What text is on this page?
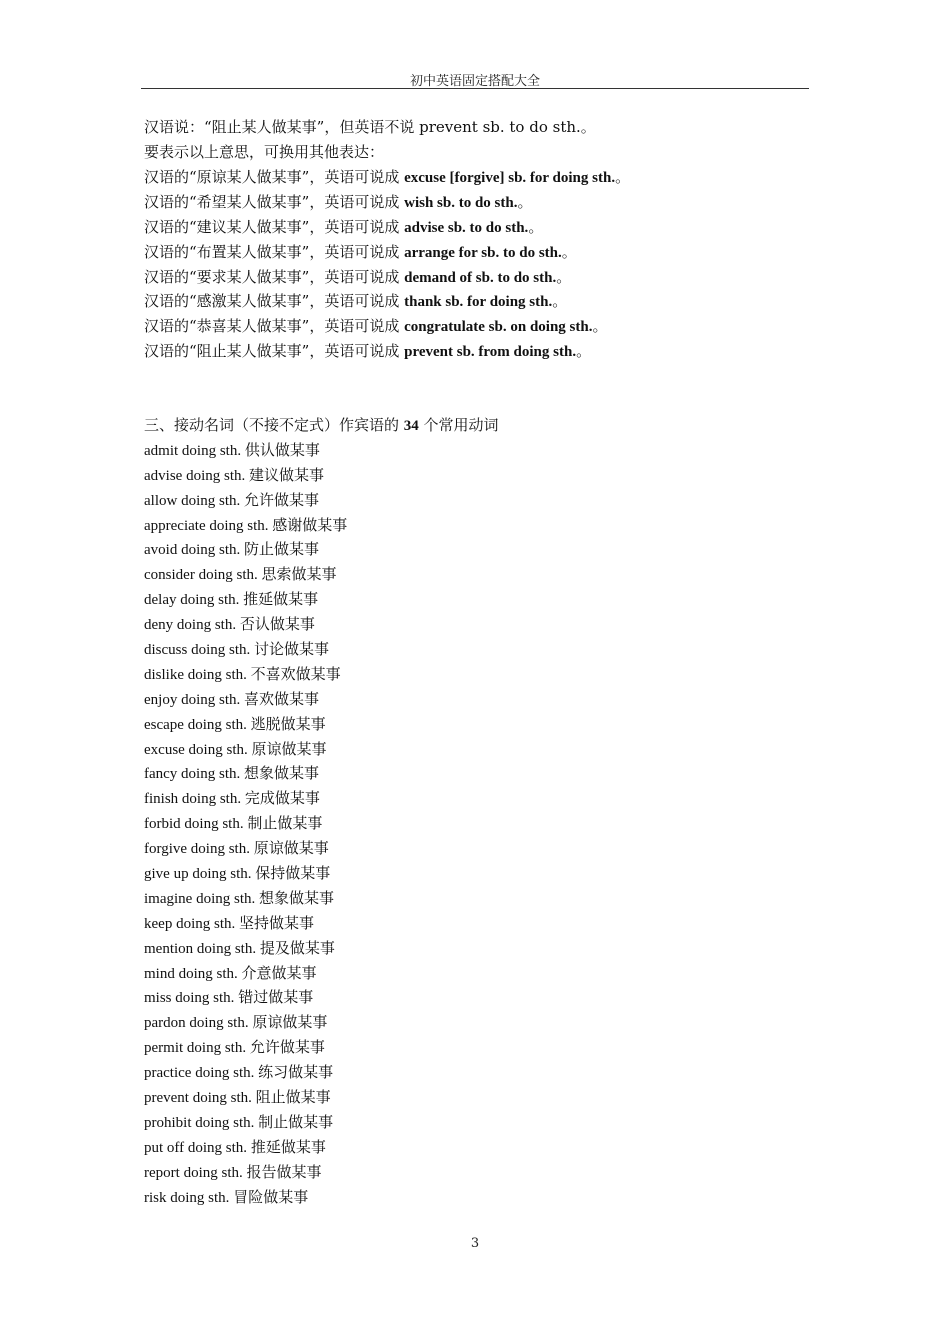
初中英语固定搭配大全
汉语说：“阻止某人做某事”，但英语不说 prevent sb. to do sth.。
要表示以上意思，可换用其他表达：
汉语的“原谅某人做某事”，英语可说成 excuse [forgive] sb. for doing sth.。
汉语的“希望某人做某事”，英语可说成 wish sb. to do sth.。
汉语的“建议某人做某事”，英语可说成 advise sb. to do sth.。
汉语的“布置某人做某事”，英语可说成 arrange for sb. to do sth.。
汉语的“要求某人做某事”，英语可说成 demand of sb. to do sth.。
汉语的“感激某人做某事”，英语可说成 thank sb. for doing sth.。
汉语的“恭喜某人做某事”，英语可说成 congratulate sb. on doing sth.。
汉语的“阻止某人做某事”，英语可说成 prevent sb. from doing sth.。
三、接动名词（不接不定式）作宾语的 34 个常用动词
admit doing sth. 供认做某事
advise doing sth. 建议做某事
allow doing sth. 允许做某事
appreciate doing sth. 感谢做某事
avoid doing sth. 防止做某事
consider doing sth. 思索做某事
delay doing sth. 推延做某事
deny doing sth. 否认做某事
discuss doing sth. 讨论做某事
dislike doing sth. 不喜欢做某事
enjoy doing sth. 喜欢做某事
escape doing sth. 逃脱做某事
excuse doing sth. 原谅做某事
fancy doing sth. 想象做某事
finish doing sth. 完成做某事
forbid doing sth. 制止做某事
forgive doing sth. 原谅做某事
give up doing sth. 保持做某事
imagine doing sth. 想象做某事
keep doing sth. 坚持做某事
mention doing sth. 提及做某事
mind doing sth. 介意做某事
miss doing sth. 错过做某事
pardon doing sth. 原谅做某事
permit doing sth. 允许做某事
practice doing sth. 练习做某事
prevent doing sth. 阻止做某事
prohibit doing sth. 制止做某事
put off doing sth. 推延做某事
report doing sth. 报告做某事
risk doing sth. 冒险做某事
3
